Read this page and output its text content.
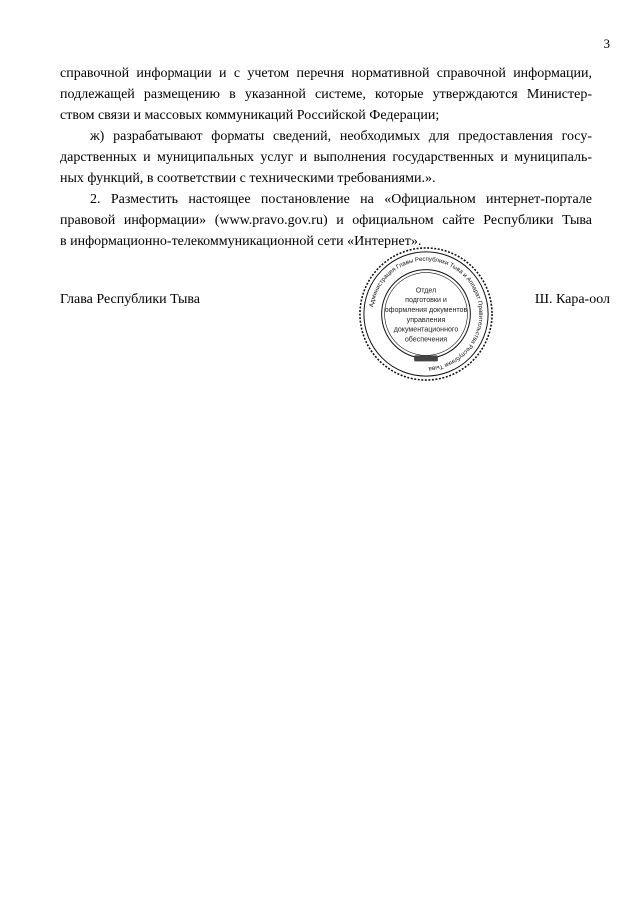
3
справочной информации и с учетом перечня нормативной справочной информации,
подлежащей размещению в указанной системе, которые утверждаются Министер-
ством связи и массовых коммуникаций Российской Федерации;
ж) разрабатывают форматы сведений, необходимых для предоставления госу-
дарственных и муниципальных услуг и выполнения государственных и муниципаль-
ных функций, в соответствии с техническими требованиями.».
2. Разместить настоящее постановление на «Официальном интернет-портале
правовой информации» (www.pravo.gov.ru) и официальном сайте Республики Тыва
в информационно-телекоммуникационной сети «Интернет».
Глава Республики Тыва	Ш. Кара-оол
Администрация Главы Республики Тыва и Аппарат Правительства Республики Тыва
Отдел
подготовки и
оформления документов
управления
документационного
обеспечения
